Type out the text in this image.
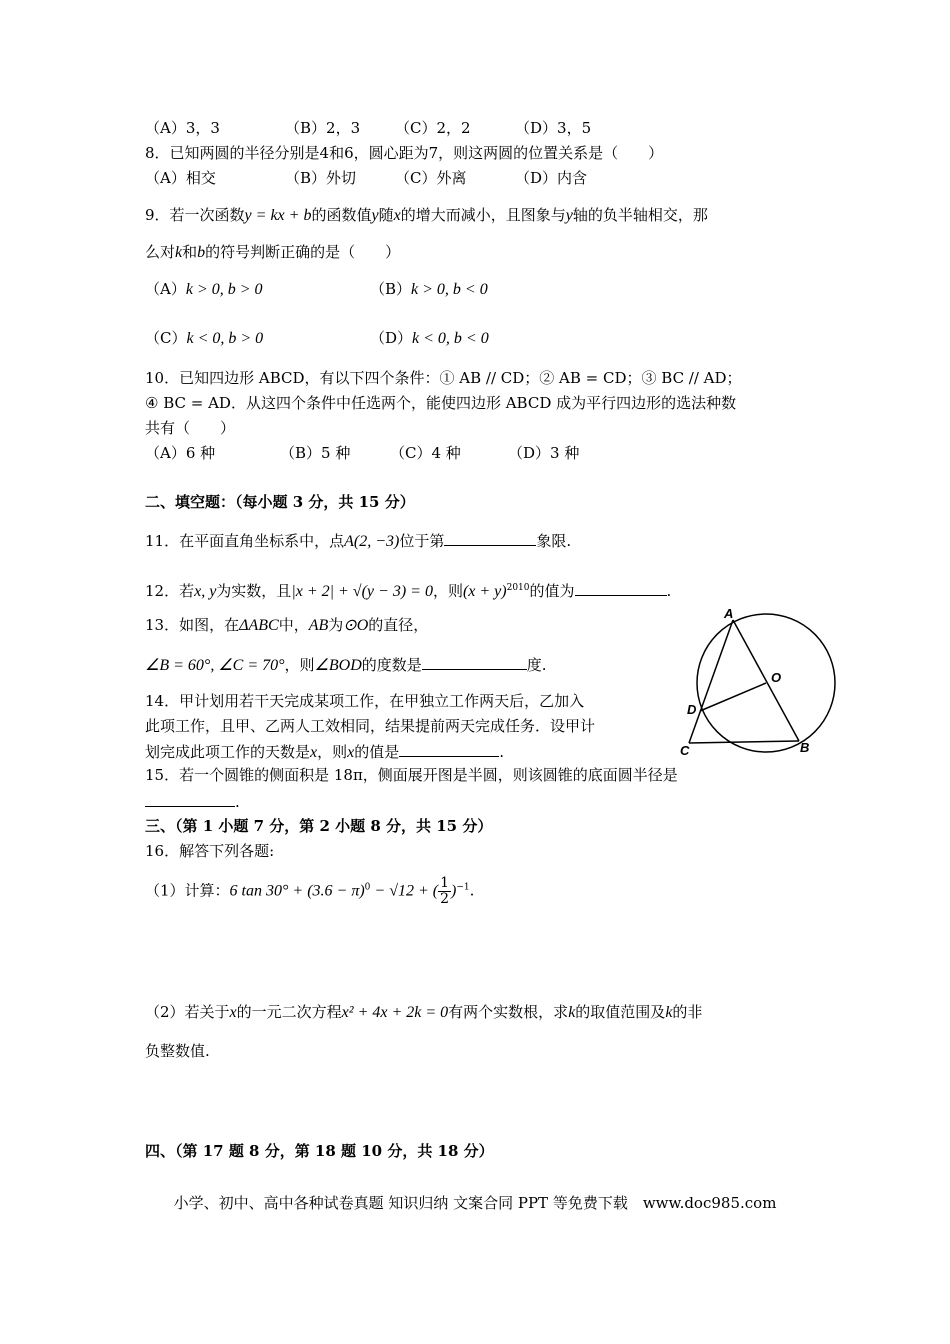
（A）3，3	（B）2，3 （C）2，2	（D）3，5
8．已知两圆的半径分别是4和6，圆心距为7，则这两圆的位置关系是（　　）
（A）相交	（B）外切	（C）外离	（D）内含
9．若一次函数y = kx + b的函数值y随x的增大而减小，且图象与y轴的负半轴相交，那
么对k和b的符号判断正确的是（　　）
（A）k > 0, b > 0	（B）k > 0, b < 0
（C）k < 0, b > 0	（D）k < 0, b < 0
10．已知四边形 ABCD，有以下四个条件：① AB // CD；② AB = CD；③ BC // AD；
④ BC = AD．从这四个条件中任选两个，能使四边形 ABCD 成为平行四边形的选法种数
共有（　　）
（A）6 种	（B）5 种	（C）4 种	（D）3 种
二、填空题：（每小题 3 分，共 15 分）
11．在平面直角坐标系中，点A(2, −3)位于第	象限.
12．若x, y为实数，且|x + 2| + √(y − 3) = 0，则$(x + y)^{2010}$的值为	.
13．如图，在ΔABC中，AB为⊙O的直径，
∠B = 60°, ∠C = 70°，则∠BOD的度数是	度.
14．甲计划用若干天完成某项工作，在甲独立工作两天后，乙加入
此项工作，且甲、乙两人工效相同，结果提前两天完成任务．设甲计
划完成此项工作的天数是x，则x的值是	.
15．若一个圆锥的侧面积是 18π，侧面展开图是半圆，则该圆锥的底面圆半径是
.
三、（第 1 小题 7 分，第 2 小题 8 分，共 15 分）
16．解答下列各题:
（1）计算：6 $\tan 30^\circ + (3.6 - \pi)^0 - √12$ + ( $\frac{1}{2} )^{-1}$.
（2）若关于x的一元二次方程x² + 4x + 2k = 0有两个实数根，求k的取值范围及k的非
负整数值.
四、（第 17 题 8 分，第 18 题 10 分，共 18 分）
小学、初中、高中各种试卷真题 知识归纳 文案合同 PPT 等免费下载　www.doc985.com
A
O
D
C	B
